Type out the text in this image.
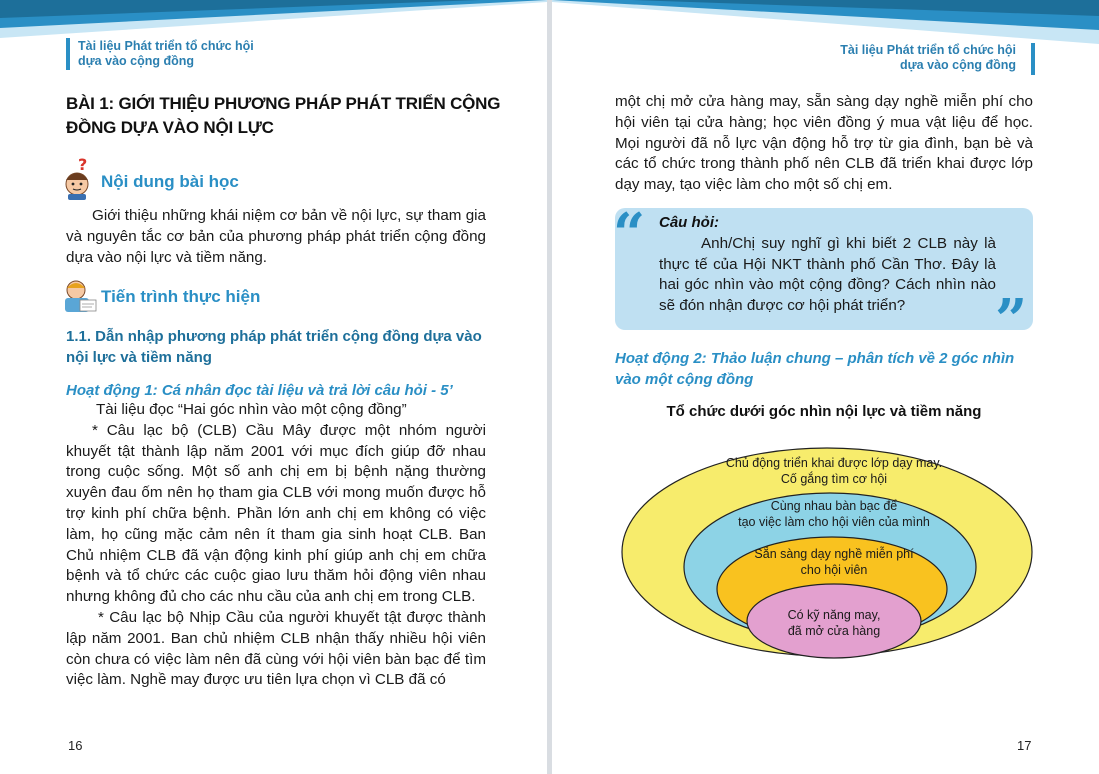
Tài liệu Phát triển tổ chức hội
dựa vào cộng đồng
BÀI 1: GIỚI THIỆU PHƯƠNG PHÁP PHÁT TRIỂN CỘNG
ĐỒNG DỰA VÀO NỘI LỰC
?
Nội dung bài học
Giới thiệu những khái niệm cơ bản về nội lực, sự tham gia và nguyên tắc cơ bản của phương pháp phát triển cộng đồng dựa vào nội lực và tiềm năng.
Tiến trình thực hiện
1.1. Dẫn nhập phương pháp phát triển cộng đồng dựa vào nội lực và tiềm năng
Hoạt động 1: Cá nhân đọc tài liệu và trả lời câu hỏi - 5’

Tài liệu đọc “Hai góc nhìn vào một cộng đồng”

* Câu lạc bộ (CLB) Cầu Mây được một nhóm người khuyết tật thành lập năm 2001 với mục đích giúp đỡ nhau trong cuộc sống. Một số anh chị em bị bệnh nặng thường xuyên đau ốm nên họ tham gia CLB với mong muốn được hỗ trợ kinh phí chữa bệnh. Phần lớn anh chị em không có việc làm, họ cũng mặc cảm nên ít tham gia sinh hoạt CLB. Ban Chủ nhiệm CLB đã vận động kinh phí giúp anh chị em chữa bệnh và tổ chức các cuộc giao lưu thăm hỏi động viên nhau nhưng không đủ cho các nhu cầu của anh chị em trong CLB.

* Câu lạc bộ Nhịp Cầu của người khuyết tật được thành lập năm 2001. Ban chủ nhiệm CLB nhận thấy nhiều hội viên còn chưa có việc làm nên đã cùng với hội viên bàn bạc để tìm việc làm. Nghề may được ưu tiên lựa chọn vì CLB đã có

16
Tài liệu Phát triển tổ chức hội
dựa vào cộng đồng
17
một chị mở cửa hàng may, sẵn sàng dạy nghề miễn phí cho hội viên tại cửa hàng; học viên đồng ý mua vật liệu để học. Mọi người đã nỗ lực vận động hỗ trợ từ gia đình, bạn bè và các tổ chức trong thành phố nên CLB đã triển khai được lớp dạy may, tạo việc làm cho một số chị em.
“
”
Câu hỏi:

Anh/Chị suy nghĩ gì khi biết 2 CLB này là thực tế của Hội NKT thành phố Cần Thơ. Đây là hai góc nhìn vào một cộng đồng? Cách nhìn nào sẽ đón nhận được cơ hội phát triển?

Hoạt động 2: Thảo luận chung – phân tích về 2 góc nhìn vào một cộng đồng
Tổ chức dưới góc nhìn nội lực và tiềm năng
Chủ động triển khai được lớp dạy may.
Cố gắng tìm cơ hội
Cùng nhau bàn bạc để
tạo việc làm cho hội viên của mình
Sẵn sàng dạy nghề miễn phí
cho hội viên
Có kỹ năng may,
đã mở cửa hàng
